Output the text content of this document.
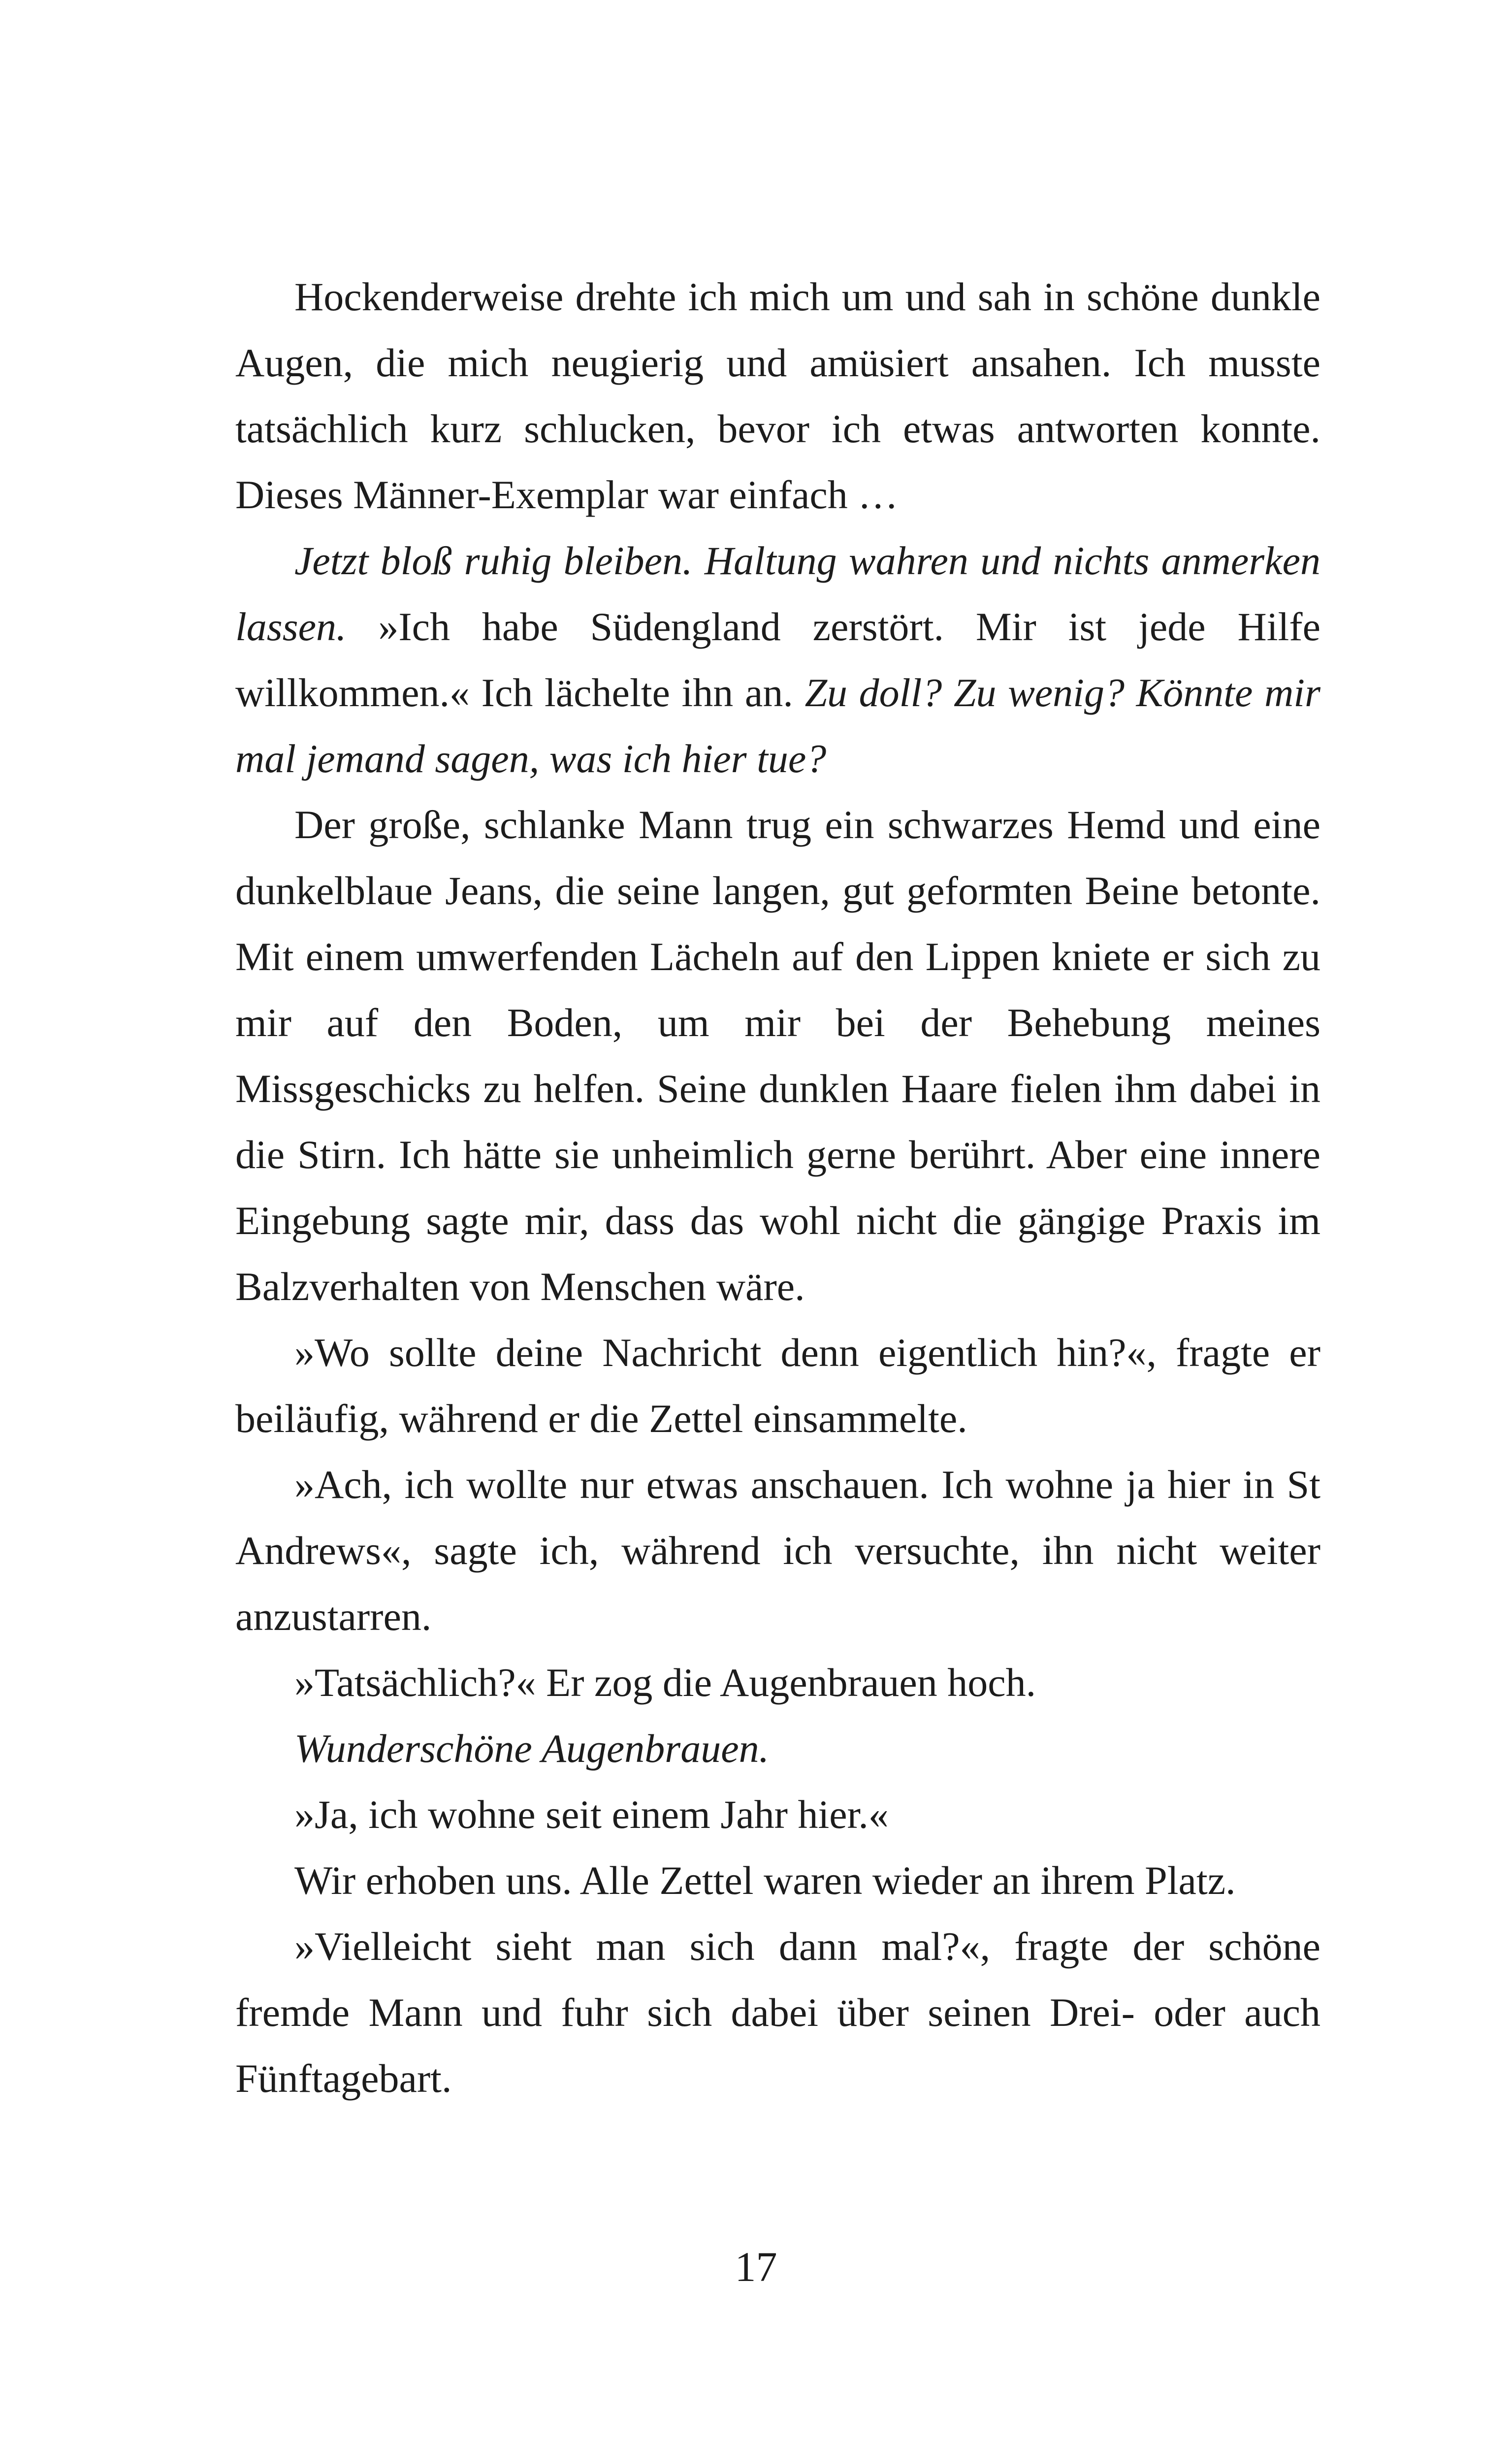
Hockenderweise drehte ich mich um und sah in schöne dunkle Augen, die mich neugierig und amüsiert ansahen. Ich musste tatsächlich kurz schlucken, bevor ich etwas antworten konnte. Dieses Männer-Exemplar war einfach …

Jetzt bloß ruhig bleiben. Haltung wahren und nichts anmerken lassen. »Ich habe Südengland zerstört. Mir ist jede Hilfe willkommen.« Ich lächelte ihn an. Zu doll? Zu wenig? Könnte mir mal jemand sagen, was ich hier tue?

Der große, schlanke Mann trug ein schwarzes Hemd und eine dunkelblaue Jeans, die seine langen, gut geformten Beine betonte. Mit einem umwerfenden Lächeln auf den Lippen kniete er sich zu mir auf den Boden, um mir bei der Behebung meines Missgeschicks zu helfen. Seine dunklen Haare fielen ihm dabei in die Stirn. Ich hätte sie unheimlich gerne berührt. Aber eine innere Eingebung sagte mir, dass das wohl nicht die gängige Praxis im Balzverhalten von Menschen wäre.

»Wo sollte deine Nachricht denn eigentlich hin?«, fragte er beiläufig, während er die Zettel einsammelte.

»Ach, ich wollte nur etwas anschauen. Ich wohne ja hier in St Andrews«, sagte ich, während ich versuchte, ihn nicht weiter anzustarren.

»Tatsächlich?« Er zog die Augenbrauen hoch.

Wunderschöne Augenbrauen.

»Ja, ich wohne seit einem Jahr hier.«

Wir erhoben uns. Alle Zettel waren wieder an ihrem Platz.

»Vielleicht sieht man sich dann mal?«, fragte der schöne fremde Mann und fuhr sich dabei über seinen Drei- oder auch Fünftagebart.

17
